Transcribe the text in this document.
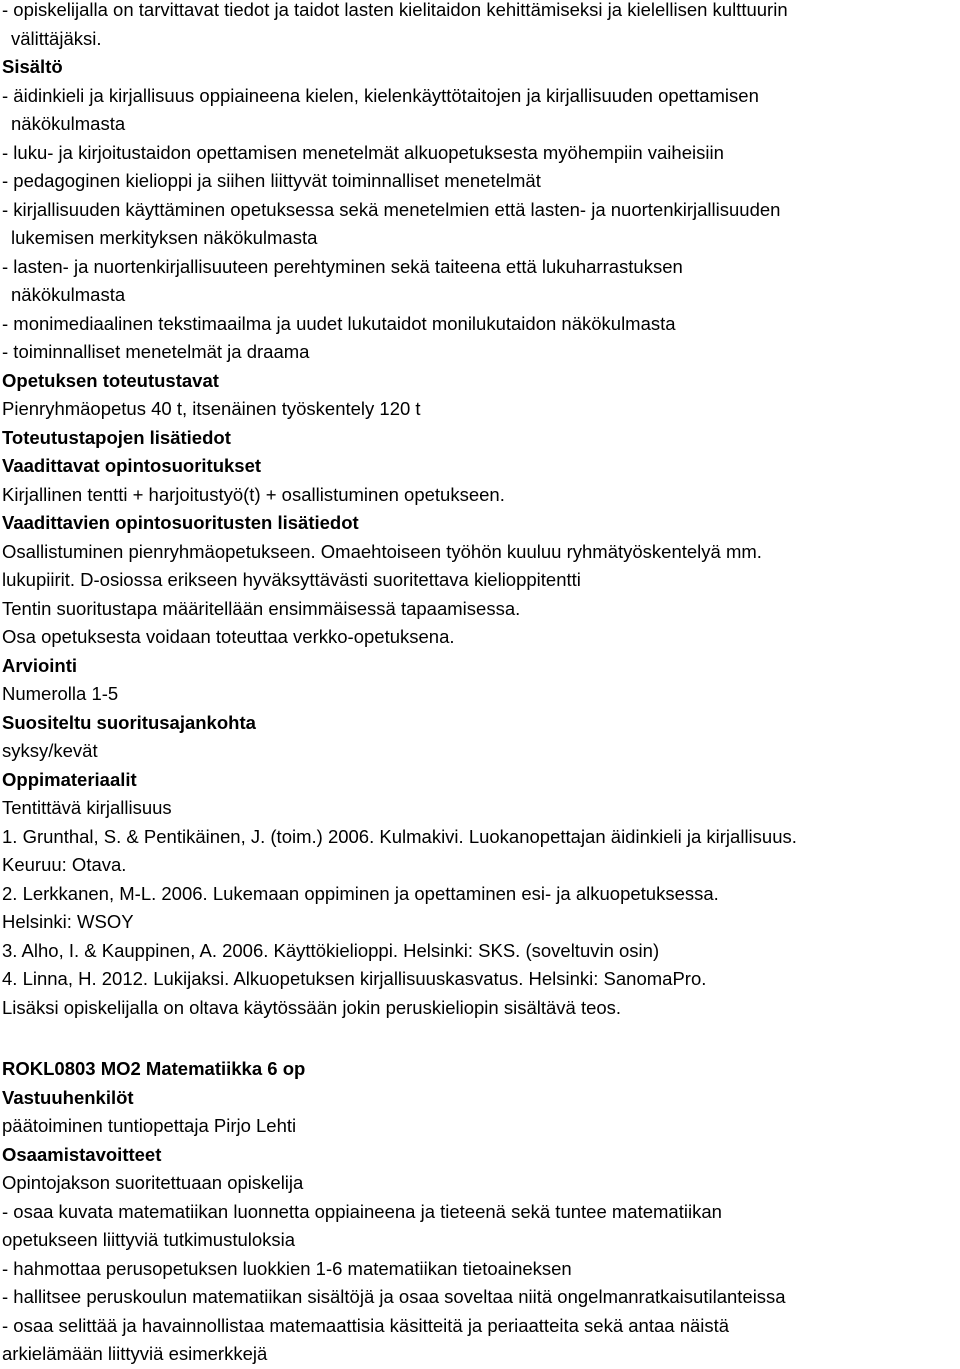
- opiskelijalla on tarvittavat tiedot ja taidot lasten kielitaidon kehittämiseksi ja kielellisen kulttuurin
välittäjäksi.
Sisältö
- äidinkieli ja kirjallisuus oppiaineena kielen, kielenkäyttötaitojen ja kirjallisuuden opettamisen
näkökulmasta
- luku- ja kirjoitustaidon opettamisen menetelmät alkuopetuksesta myöhempiin vaiheisiin
- pedagoginen kielioppi ja siihen liittyvät toiminnalliset menetelmät
- kirjallisuuden käyttäminen opetuksessa sekä menetelmien että lasten- ja nuortenkirjallisuuden
lukemisen merkityksen näkökulmasta
- lasten- ja nuortenkirjallisuuteen perehtyminen sekä taiteena että lukuharrastuksen
näkökulmasta
- monimediaalinen tekstimaailma ja uudet lukutaidot monilukutaidon näkökulmasta
- toiminnalliset menetelmät ja draama
Opetuksen toteutustavat
Pienryhmäopetus 40 t, itsenäinen työskentely 120 t
Toteutustapojen lisätiedot
Vaadittavat opintosuoritukset
Kirjallinen tentti + harjoitustyö(t) + osallistuminen opetukseen.
Vaadittavien opintosuoritusten lisätiedot
Osallistuminen pienryhmäopetukseen. Omaehtoiseen työhön kuuluu ryhmätyöskentelyä mm.
lukupiirit. D-osiossa erikseen hyväksyttävästi suoritettava kielioppitentti
Tentin suoritustapa määritellään ensimmäisessä tapaamisessa.
Osa opetuksesta voidaan toteuttaa verkko-opetuksena.
Arviointi
Numerolla 1-5
Suositeltu suoritusajankohta
syksy/kevät
Oppimateriaalit
Tentittävä kirjallisuus
1. Grunthal, S. & Pentikäinen, J. (toim.) 2006. Kulmakivi. Luokanopettajan äidinkieli ja kirjallisuus.
Keuruu: Otava.
2. Lerkkanen, M-L. 2006. Lukemaan oppiminen ja opettaminen esi- ja alkuopetuksessa.
Helsinki: WSOY
3. Alho, I. & Kauppinen, A. 2006. Käyttökielioppi. Helsinki: SKS. (soveltuvin osin)
4. Linna, H. 2012. Lukijaksi. Alkuopetuksen kirjallisuuskasvatus. Helsinki: SanomaPro.
Lisäksi opiskelijalla on oltava käytössään jokin peruskieliopin sisältävä teos.
ROKL0803 MO2 Matematiikka 6 op
Vastuuhenkilöt
päätoiminen tuntiopettaja Pirjo Lehti
Osaamistavoitteet
Opintojakson suoritettuaan opiskelija
- osaa kuvata matematiikan luonnetta oppiaineena ja tieteenä sekä tuntee matematiikan
opetukseen liittyviä tutkimustuloksia
- hahmottaa perusopetuksen luokkien 1-6 matematiikan tietoaineksen
- hallitsee peruskoulun matematiikan sisältöjä ja osaa soveltaa niitä ongelmanratkaisutilanteissa
- osaa selittää ja havainnollistaa matemaattisia käsitteitä ja periaatteita sekä antaa näistä
arkielämään liittyviä esimerkkejä
